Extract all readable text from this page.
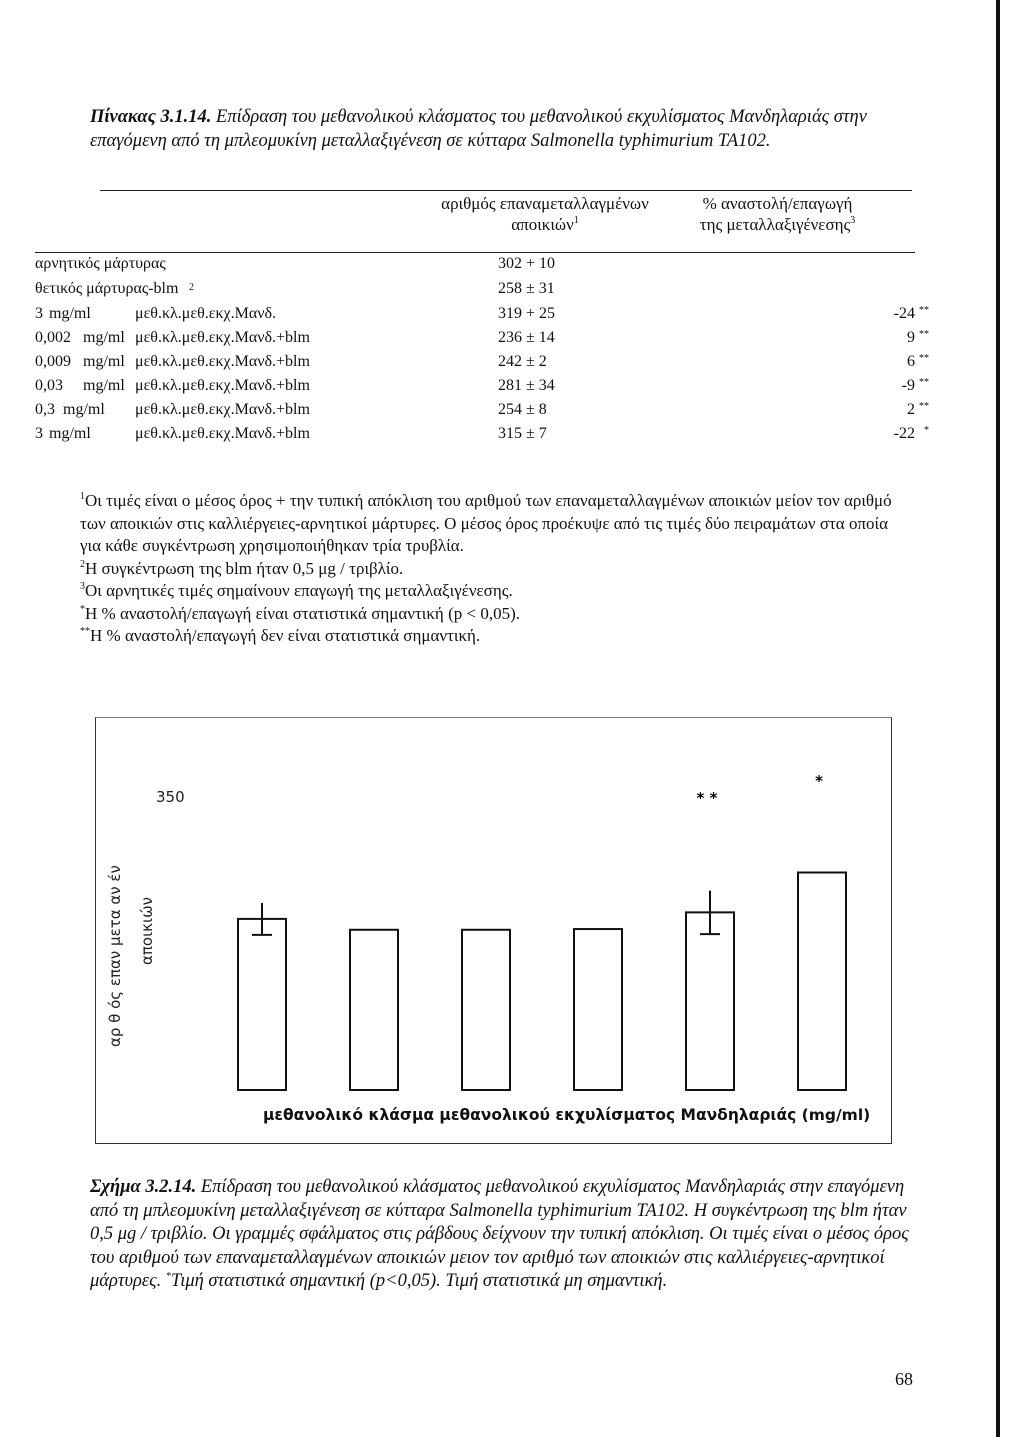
Πίνακας 3.1.14. Επίδραση του μεθανολικού κλάσματος του μεθανολικού εκχυλίσματος Μανδηλαριάς στην επαγόμενη από τη μπλεομυκίνη μεταλλαξιγένεση σε κύτταρα Salmonella typhimurium TA102.
αριθμός επαναμεταλλαγμένων
αποικιών$^1$
% αναστολή/επαγωγή
της μεταλλαξιγένεσης$^3$
αρνητικός μάρτυρας	302 + 10
θετικός μάρτυρας-blm 2	258 ± 31
3 mg/ml	μεθ.κλ.μεθ.εκχ.Μανδ.	319 + 25	-24 **
0,002 mg/ml μεθ.κλ.μεθ.εκχ.Μανδ.+blm	236 ± 14	9 **
0,009 mg/ml μεθ.κλ.μεθ.εκχ.Μανδ.+blm	242 ± 2	6 **
0,03 mg/ml μεθ.κλ.μεθ.εκχ.Μανδ.+blm	281 ± 34	-9 **
0,3 mg/ml μεθ.κλ.μεθ.εκχ.Μανδ.+blm	254 ± 8	2 **
3 mg/ml	μεθ.κλ.μεθ.εκχ.Μανδ.+blm	315 ± 7	-22 *

$^1$Οι τιμές είναι ο μέσος όρος + την τυπική απόκλιση του αριθμού των επαναμεταλλαγμένων αποικιών μείον τον αριθμό των αποικιών στις καλλιέργειες-αρνητικοί μάρτυρες. Ο μέσος όρος προέκυψε από τις τιμές δύο πειραμάτων στα οποία για κάθε συγκέντρωση χρησιμοποιήθηκαν τρία τρυβλία.

$^2$Η συγκέντρωση της blm ήταν 0,5 μg / τριβλίο.

$^3$Οι αρνητικές τιμές σημαίνουν επαγωγή της μεταλλαξιγένεσης.

*Η % αναστολή/επαγωγή είναι στατιστικά σημαντική (p < 0,05).

**Η % αναστολή/επαγωγή δεν είναι στατιστικά σημαντική.

* *
*
αρ θ ός επαν μετα αν έν αποικιών
350
μεθανολικό κλάσμα μεθανολικού εκχυλίσματος Μανδηλαριάς (mg/ml)
Σχήμα 3.2.14. Επίδραση του μεθανολικού κλάσματος μεθανολικού εκχυλίσματος Μανδηλαριάς στην επαγόμενη από τη μπλεομυκίνη μεταλλαξιγένεση σε κύτταρα Salmonella typhimurium TA102. Η συγκέντρωση της blm ήταν 0,5 μg / τριβλίο. Οι γραμμές σφάλματος στις ράβδους δείχνουν την τυπική απόκλιση. Οι τιμές είναι ο μέσος όρος του αριθμού των επαναμεταλλαγμένων αποικιών μειον τον αριθμό των αποικιών στις καλλιέργειες-αρνητικοί μάρτυρες. *Τιμή στατιστικά σημαντική (p<0,05). Τιμή στατιστικά μη σημαντική.
68
